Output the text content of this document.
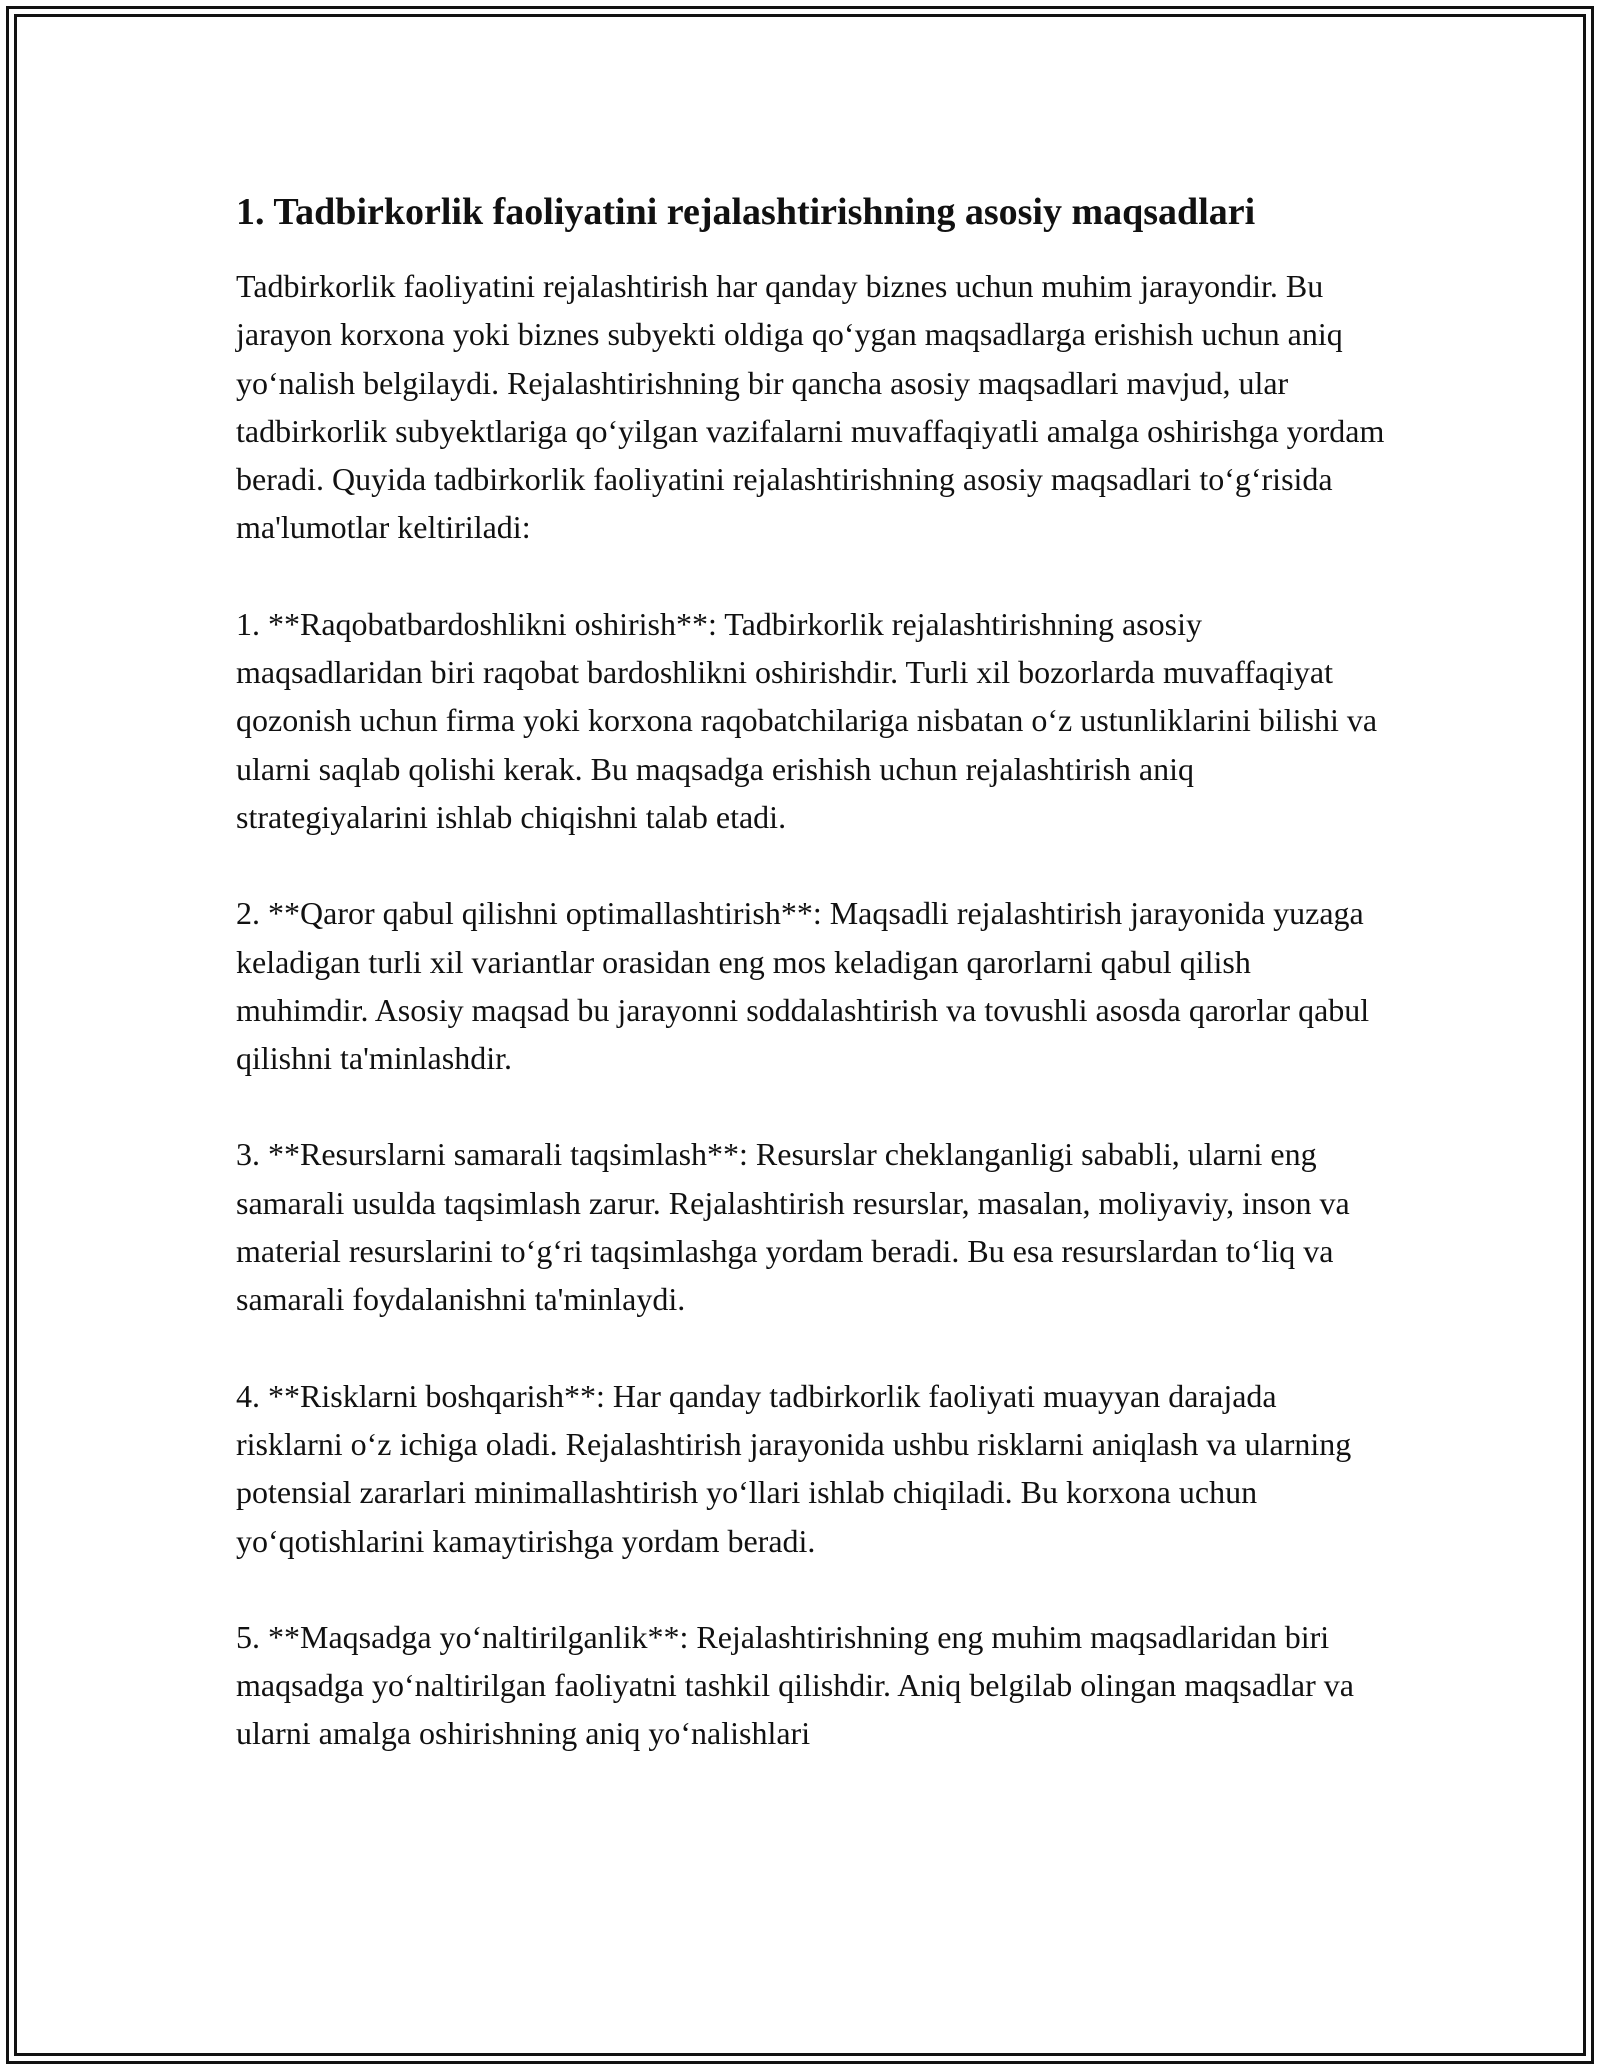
1. Tadbirkorlik faoliyatini rejalashtirishning asosiy maqsadlari

Tadbirkorlik faoliyatini rejalashtirish har qanday biznes uchun muhim jarayondir. Bu jarayon korxona yoki biznes subyekti oldiga qo‘ygan maqsadlarga erishish uchun aniq yo‘nalish belgilaydi. Rejalashtirishning bir qancha asosiy maqsadlari mavjud, ular tadbirkorlik subyektlariga qo‘yilgan vazifalarni muvaffaqiyatli amalga oshirishga yordam beradi. Quyida tadbirkorlik faoliyatini rejalashtirishning asosiy maqsadlari to‘g‘risida ma'lumotlar keltiriladi:

1. **Raqobatbardoshlikni oshirish**: Tadbirkorlik rejalashtirishning asosiy maqsadlaridan biri raqobat bardoshlikni oshirishdir. Turli xil bozorlarda muvaffaqiyat qozonish uchun firma yoki korxona raqobatchilariga nisbatan o‘z ustunliklarini bilishi va ularni saqlab qolishi kerak. Bu maqsadga erishish uchun rejalashtirish aniq strategiyalarini ishlab chiqishni talab etadi.

2. **Qaror qabul qilishni optimallashtirish**: Maqsadli rejalashtirish jarayonida yuzaga keladigan turli xil variantlar orasidan eng mos keladigan qarorlarni qabul qilish muhimdir. Asosiy maqsad bu jarayonni soddalashtirish va tovushli asosda qarorlar qabul qilishni ta'minlashdir.

3. **Resurslarni samarali taqsimlash**: Resurslar cheklanganligi sababli, ularni eng samarali usulda taqsimlash zarur. Rejalashtirish resurslar, masalan, moliyaviy, inson va material resurslarini to‘g‘ri taqsimlashga yordam beradi. Bu esa resurslardan to‘liq va samarali foydalanishni ta'minlaydi.

4. **Risklarni boshqarish**: Har qanday tadbirkorlik faoliyati muayyan darajada risklarni o‘z ichiga oladi. Rejalashtirish jarayonida ushbu risklarni aniqlash va ularning potensial zararlari minimallashtirish yo‘llari ishlab chiqiladi. Bu korxona uchun yo‘qotishlarini kamaytirishga yordam beradi.

5. **Maqsadga yo‘naltirilganlik**: Rejalashtirishning eng muhim maqsadlaridan biri maqsadga yo‘naltirilgan faoliyatni tashkil qilishdir. Aniq belgilab olingan maqsadlar va ularni amalga oshirishning aniq yo‘nalishlari
